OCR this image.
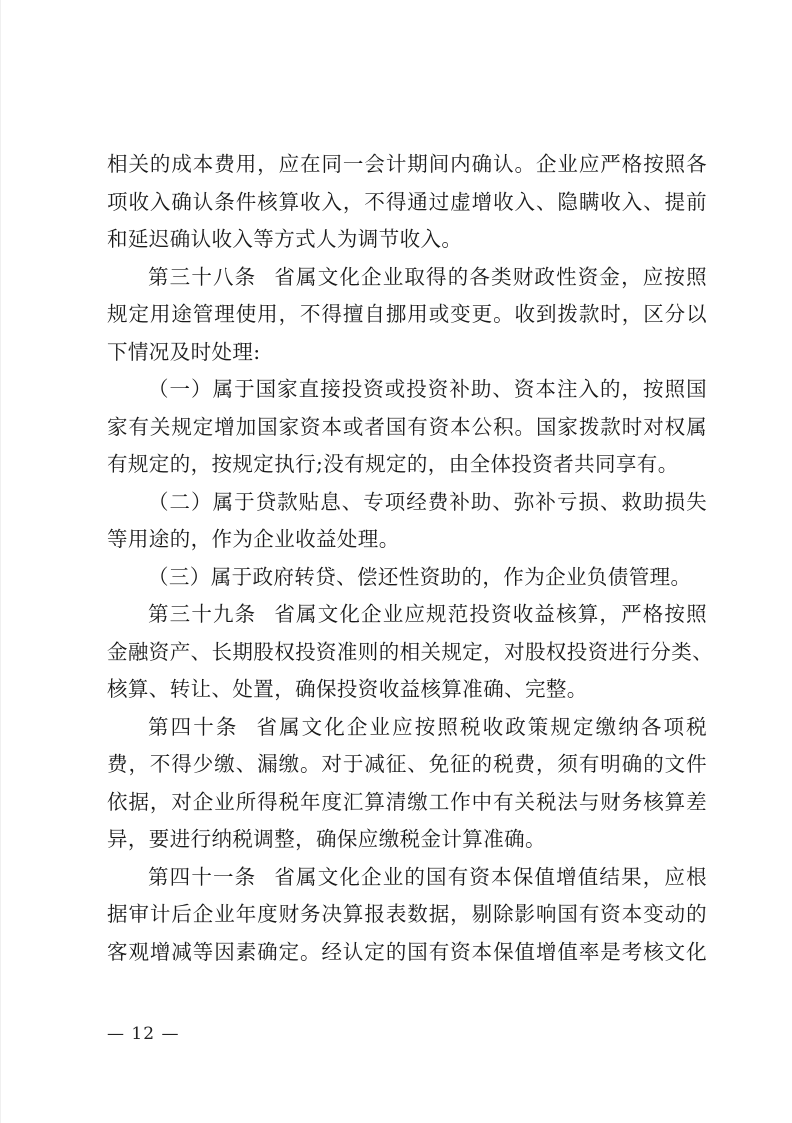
相关的成本费用，应在同一会计期间内确认。企业应严格按照各
项收入确认条件核算收入，不得通过虚增收入、隐瞒收入、提前
和延迟确认收入等方式人为调节收入。
第三十八条 省属文化企业取得的各类财政性资金，应按照
规定用途管理使用，不得擅自挪用或变更。收到拨款时，区分以
下情况及时处理:
（一）属于国家直接投资或投资补助、资本注入的，按照国
家有关规定增加国家资本或者国有资本公积。国家拨款时对权属
有规定的，按规定执行;没有规定的，由全体投资者共同享有。
（二）属于贷款贴息、专项经费补助、弥补亏损、救助损失
等用途的，作为企业收益处理。
（三）属于政府转贷、偿还性资助的，作为企业负债管理。
第三十九条 省属文化企业应规范投资收益核算，严格按照
金融资产、长期股权投资准则的相关规定，对股权投资进行分类、
核算、转让、处置，确保投资收益核算准确、完整。
第四十条 省属文化企业应按照税收政策规定缴纳各项税
费，不得少缴、漏缴。对于减征、免征的税费，须有明确的文件
依据，对企业所得税年度汇算清缴工作中有关税法与财务核算差
异，要进行纳税调整，确保应缴税金计算准确。
第四十一条 省属文化企业的国有资本保值增值结果，应根
据审计后企业年度财务决算报表数据，剔除影响国有资本变动的
客观增减等因素确定。经认定的国有资本保值增值率是考核文化
— 12 —
